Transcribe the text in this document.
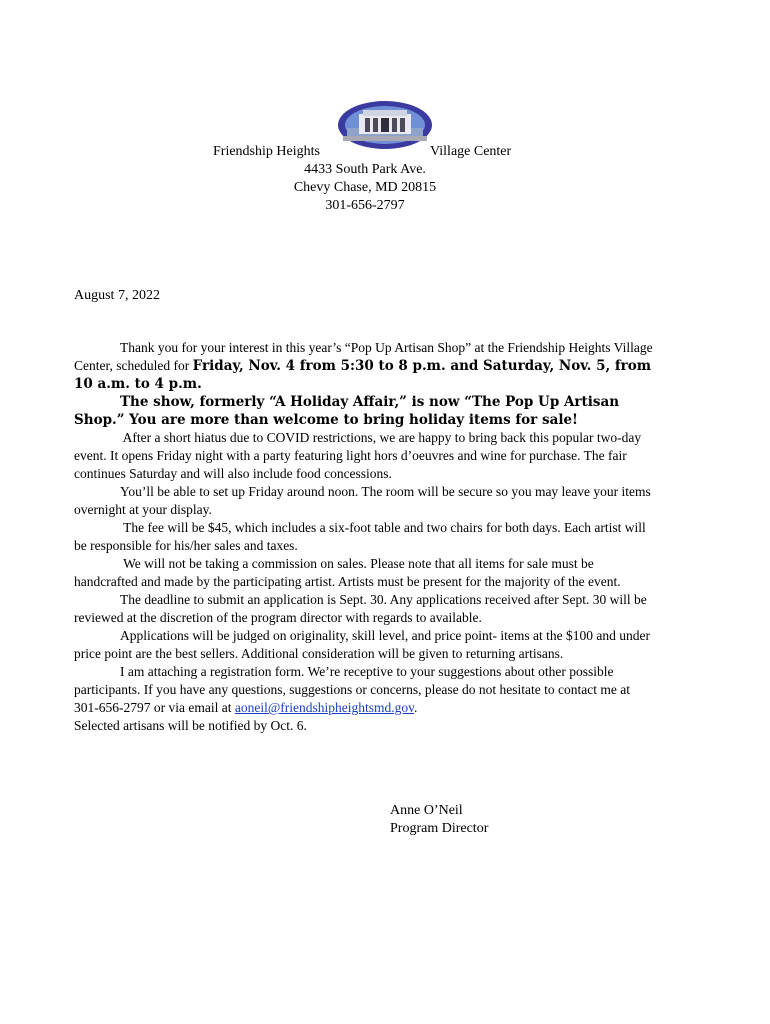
Friendship Heights	Village Center
4433 South Park Ave.
Chevy Chase, MD 20815
301-656-2797
August 7, 2022

Thank you for your interest in this year’s “Pop Up Artisan Shop” at the Friendship Heights Village Center, scheduled for Friday, Nov. 4 from 5:30 to 8 p.m. and Saturday, Nov. 5, from 10 a.m. to 4 p.m.

The show, formerly “A Holiday Affair,” is now “The Pop Up Artisan Shop.” You are more than welcome to bring holiday items for sale!

After a short hiatus due to COVID restrictions, we are happy to bring back this popular two-day event. It opens Friday night with a party featuring light hors d’oeuvres and wine for purchase. The fair continues Saturday and will also include food concessions.

You’ll be able to set up Friday around noon. The room will be secure so you may leave your items overnight at your display.

The fee will be $45, which includes a six-foot table and two chairs for both days. Each artist will be responsible for his/her sales and taxes.

We will not be taking a commission on sales. Please note that all items for sale must be handcrafted and made by the participating artist. Artists must be present for the majority of the event.

The deadline to submit an application is Sept. 30. Any applications received after Sept. 30 will be reviewed at the discretion of the program director with regards to available.

Applications will be judged on originality, skill level, and price point- items at the $100 and under price point are the best sellers. Additional consideration will be given to returning artisans.

I am attaching a registration form. We’re receptive to your suggestions about other possible participants. If you have any questions, suggestions or concerns, please do not hesitate to contact me at 301-656-2797 or via email at aoneil@friendshipheightsmd.gov.

Selected artisans will be notified by Oct. 6.

Anne O’Neil
Program Director
